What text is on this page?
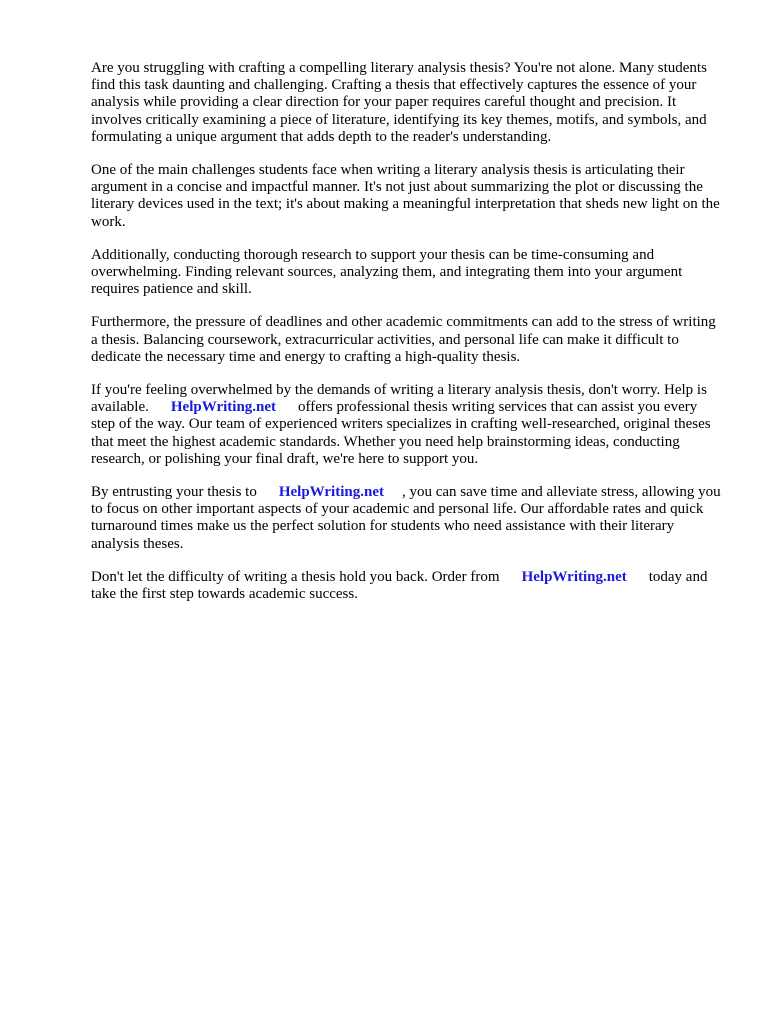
Are you struggling with crafting a compelling literary analysis thesis? You're not alone. Many students find this task daunting and challenging. Crafting a thesis that effectively captures the essence of your analysis while providing a clear direction for your paper requires careful thought and precision. It involves critically examining a piece of literature, identifying its key themes, motifs, and symbols, and formulating a unique argument that adds depth to the reader's understanding.

One of the main challenges students face when writing a literary analysis thesis is articulating their argument in a concise and impactful manner. It's not just about summarizing the plot or discussing the literary devices used in the text; it's about making a meaningful interpretation that sheds new light on the work.

Additionally, conducting thorough research to support your thesis can be time-consuming and overwhelming. Finding relevant sources, analyzing them, and integrating them into your argument requires patience and skill.

Furthermore, the pressure of deadlines and other academic commitments can add to the stress of writing a thesis. Balancing coursework, extracurricular activities, and personal life can make it difficult to dedicate the necessary time and energy to crafting a high-quality thesis.

If you're feeling overwhelmed by the demands of writing a literary analysis thesis, don't worry. Help is available. HelpWriting.net offers professional thesis writing services that can assist you every step of the way. Our team of experienced writers specializes in crafting well-researched, original theses that meet the highest academic standards. Whether you need help brainstorming ideas, conducting research, or polishing your final draft, we're here to support you.

By entrusting your thesis to HelpWriting.net , you can save time and alleviate stress, allowing you to focus on other important aspects of your academic and personal life. Our affordable rates and quick turnaround times make us the perfect solution for students who need assistance with their literary analysis theses.

Don't let the difficulty of writing a thesis hold you back. Order from HelpWriting.net today and take the first step towards academic success.
